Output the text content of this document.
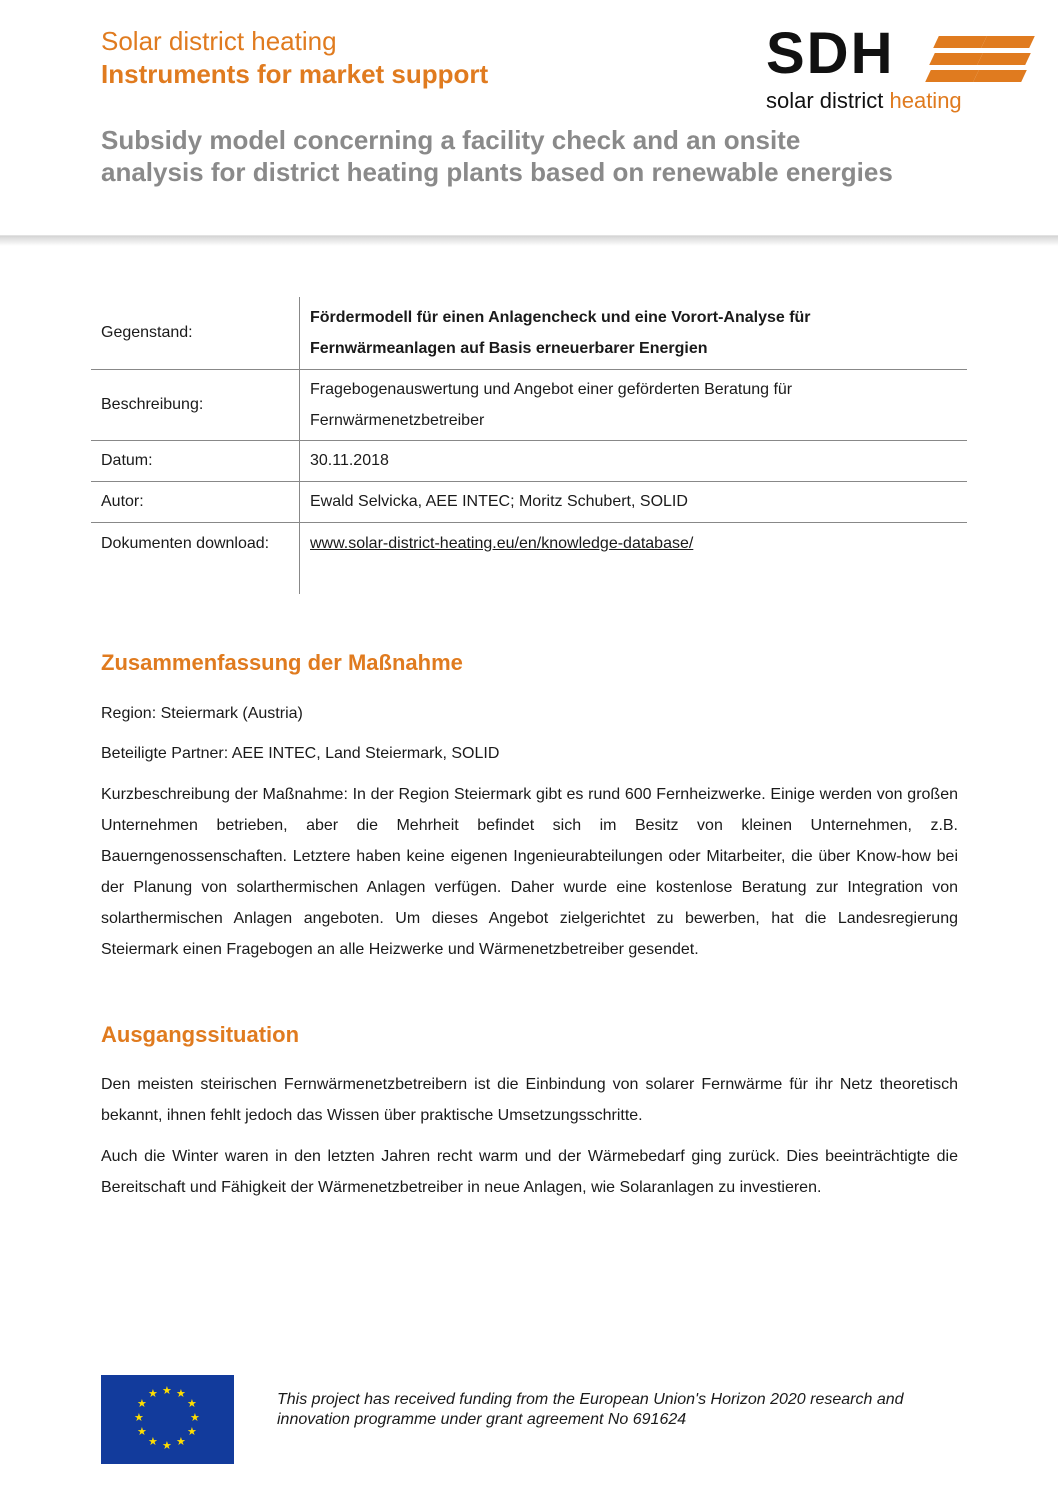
Solar district heating
Instruments for market support
Subsidy model concerning a facility check and an onsite analysis for district heating plants based on renewable energies
SDH
solar district heating
Gegenstand:	Fördermodell für einen Anlagencheck und eine Vorort-Analyse für Fernwärmeanlagen auf Basis erneuerbarer Energien
Beschreibung:	Fragebogenauswertung und Angebot einer geförderten Beratung für Fernwärmenetzbetreiber
Datum:	30.11.2018
Autor:	Ewald Selvicka, AEE INTEC; Moritz Schubert, SOLID
Dokumenten download:	www.solar-district-heating.eu/en/knowledge-database/
Zusammenfassung der Maßnahme
Region: Steiermark (Austria)
Beteiligte Partner: AEE INTEC, Land Steiermark, SOLID
Kurzbeschreibung der Maßnahme: In der Region Steiermark gibt es rund 600 Fernheizwerke. Einige werden von großen Unternehmen betrieben, aber die Mehrheit befindet sich im Besitz von kleinen Unternehmen, z.B. Bauerngenossenschaften. Letztere haben keine eigenen Ingenieurabteilungen oder Mitarbeiter, die über Know-how bei der Planung von solarthermischen Anlagen verfügen. Daher wurde eine kostenlose Beratung zur Integration von solarthermischen Anlagen angeboten. Um dieses Angebot zielgerichtet zu bewerben, hat die Landesregierung Steiermark einen Fragebogen an alle Heizwerke und Wärmenetzbetreiber gesendet.
Ausgangssituation
Den meisten steirischen Fernwärmenetzbetreibern ist die Einbindung von solarer Fernwärme für ihr Netz theoretisch bekannt, ihnen fehlt jedoch das Wissen über praktische Umsetzungsschritte.
Auch die Winter waren in den letzten Jahren recht warm und der Wärmebedarf ging zurück. Dies beeinträchtigte die Bereitschaft und Fähigkeit der Wärmenetzbetreiber in neue Anlagen, wie Solaranlagen zu investieren.
★ ★
★
★
★
★
★
★
★
★
★
★	This project has received funding from the European Union's Horizon 2020 research and innovation programme under grant agreement No 691624
